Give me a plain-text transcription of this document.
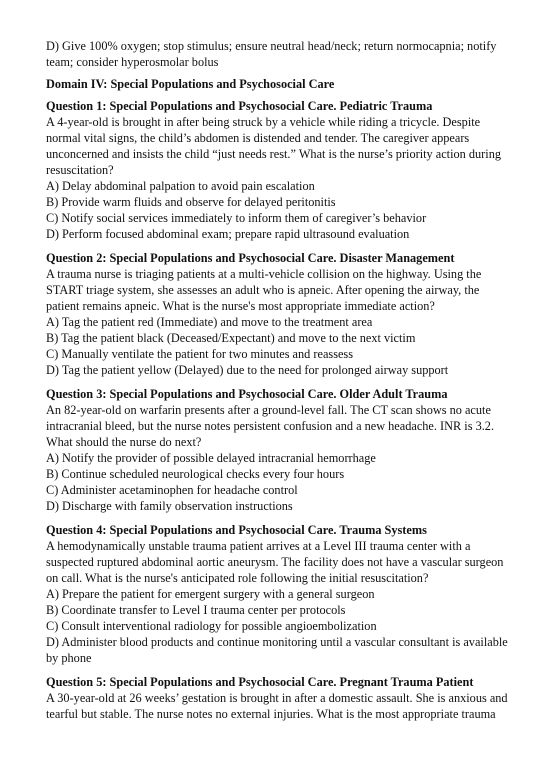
D) Give 100% oxygen; stop stimulus; ensure neutral head/neck; return normocapnia; notify

team; consider hyperosmolar bolus

Domain IV: Special Populations and Psychosocial Care

Question 1: Special Populations and Psychosocial Care. Pediatric Trauma

A 4-year-old is brought in after being struck by a vehicle while riding a tricycle. Despite

normal vital signs, the child’s abdomen is distended and tender. The caregiver appears

unconcerned and insists the child “just needs rest.” What is the nurse’s priority action during

resuscitation?

A) Delay abdominal palpation to avoid pain escalation

B) Provide warm fluids and observe for delayed peritonitis

C) Notify social services immediately to inform them of caregiver’s behavior

D) Perform focused abdominal exam; prepare rapid ultrasound evaluation

Question 2: Special Populations and Psychosocial Care. Disaster Management

A trauma nurse is triaging patients at a multi-vehicle collision on the highway. Using the

START triage system, she assesses an adult who is apneic. After opening the airway, the

patient remains apneic. What is the nurse's most appropriate immediate action?

A) Tag the patient red (Immediate) and move to the treatment area

B) Tag the patient black (Deceased/Expectant) and move to the next victim

C) Manually ventilate the patient for two minutes and reassess

D) Tag the patient yellow (Delayed) due to the need for prolonged airway support

Question 3: Special Populations and Psychosocial Care. Older Adult Trauma

An 82-year-old on warfarin presents after a ground-level fall. The CT scan shows no acute

intracranial bleed, but the nurse notes persistent confusion and a new headache. INR is 3.2.

What should the nurse do next?

A) Notify the provider of possible delayed intracranial hemorrhage

B) Continue scheduled neurological checks every four hours

C) Administer acetaminophen for headache control

D) Discharge with family observation instructions

Question 4: Special Populations and Psychosocial Care. Trauma Systems

A hemodynamically unstable trauma patient arrives at a Level III trauma center with a

suspected ruptured abdominal aortic aneurysm. The facility does not have a vascular surgeon

on call. What is the nurse's anticipated role following the initial resuscitation?

A) Prepare the patient for emergent surgery with a general surgeon

B) Coordinate transfer to Level I trauma center per protocols

C) Consult interventional radiology for possible angioembolization

D) Administer blood products and continue monitoring until a vascular consultant is available

by phone

Question 5: Special Populations and Psychosocial Care. Pregnant Trauma Patient

A 30-year-old at 26 weeks’ gestation is brought in after a domestic assault. She is anxious and

tearful but stable. The nurse notes no external injuries. What is the most appropriate trauma
